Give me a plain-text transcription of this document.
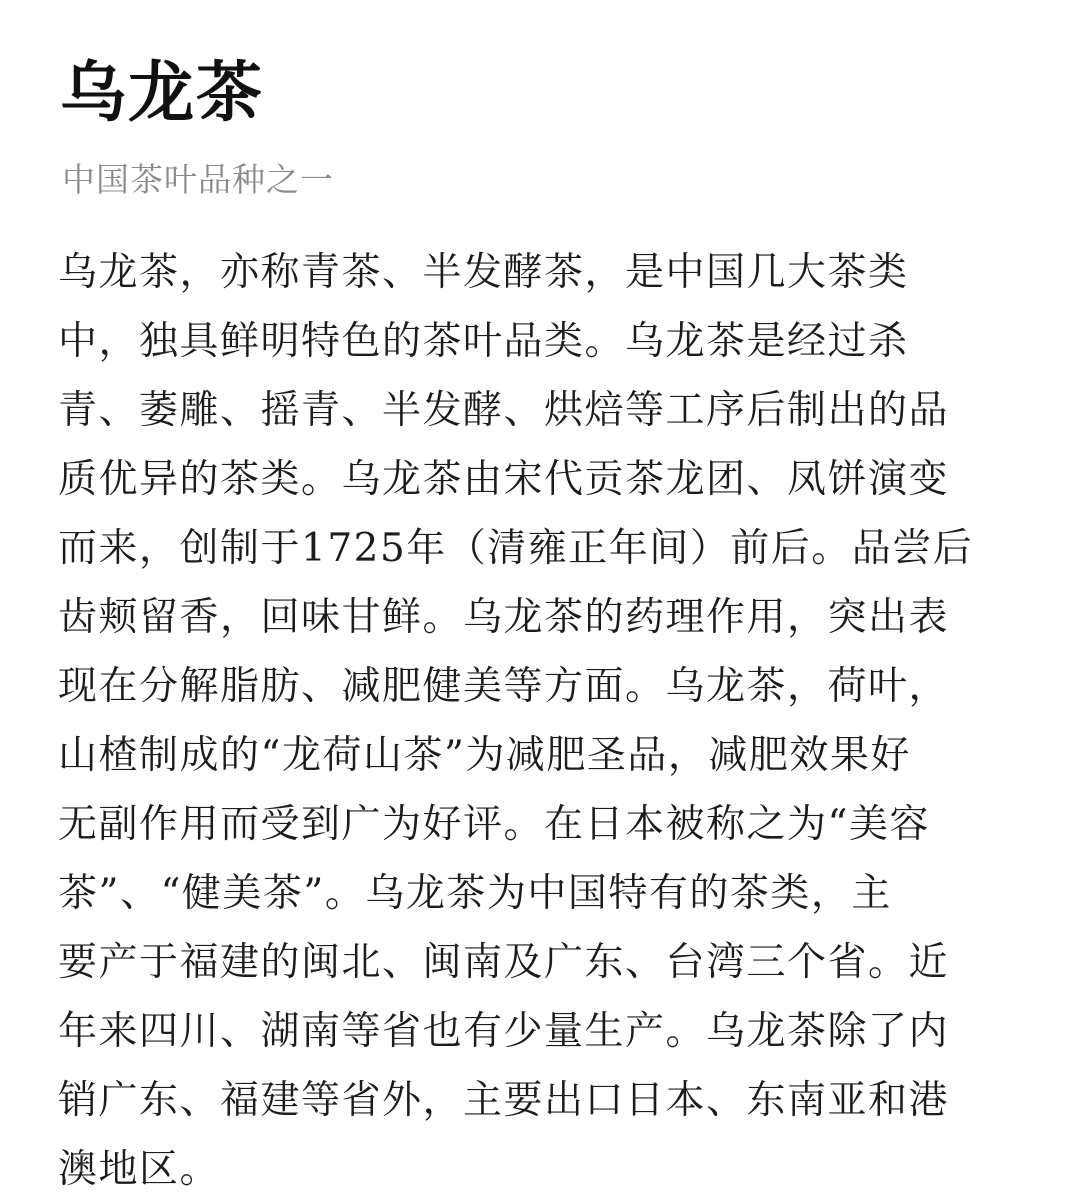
乌龙茶
中国茶叶品种之一
乌龙茶，亦称青茶、半发酵茶，是中国几大茶类
中，独具鲜明特色的茶叶品类。乌龙茶是经过杀
青、萎雕、摇青、半发酵、烘焙等工序后制出的品
质优异的茶类。乌龙茶由宋代贡茶龙团、凤饼演变
而来，创制于1725年（清雍正年间）前后。品尝后
齿颊留香，回味甘鲜。乌龙茶的药理作用，突出表
现在分解脂肪、减肥健美等方面。乌龙茶，荷叶，
山楂制成的“龙荷山茶”为减肥圣品，减肥效果好
无副作用而受到广为好评。在日本被称之为“美容
茶”、“健美茶”。乌龙茶为中国特有的茶类，主
要产于福建的闽北、闽南及广东、台湾三个省。近
年来四川、湖南等省也有少量生产。乌龙茶除了内
销广东、福建等省外，主要出口日本、东南亚和港
澳地区。
